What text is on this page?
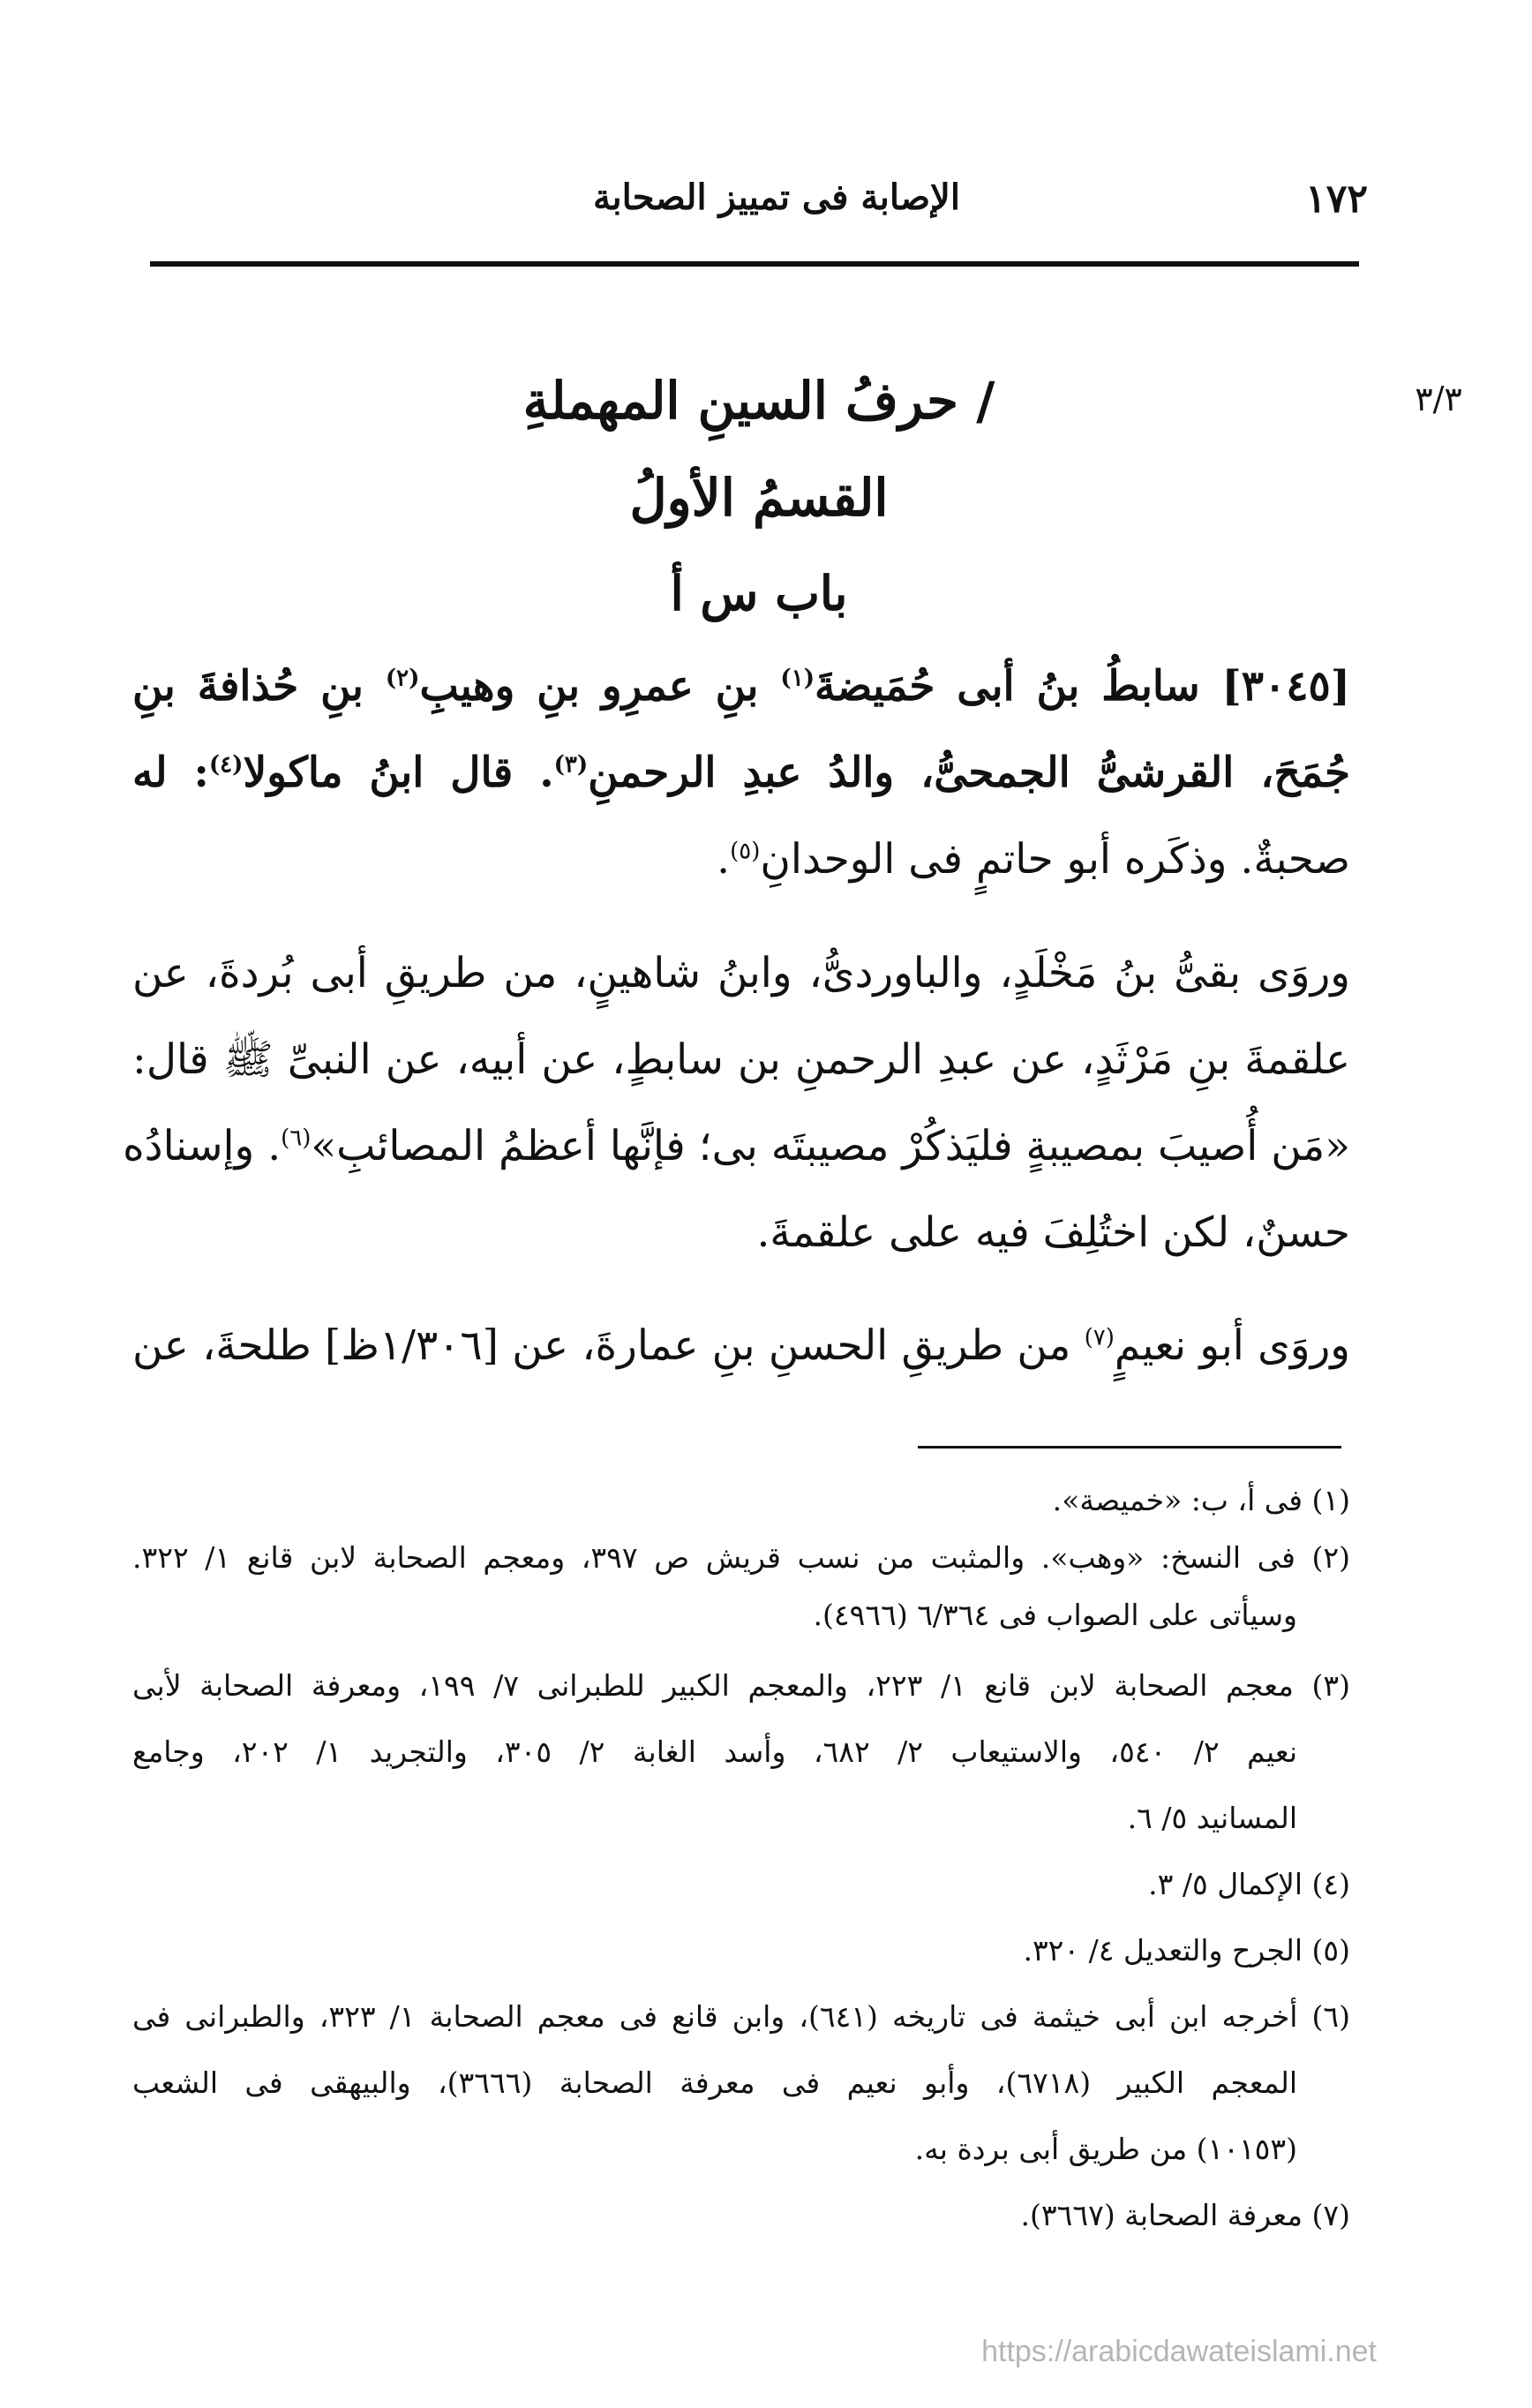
١٧٢
الإصابة فى تمييز الصحابة
٣/٣
/ حرفُ السينِ المهملةِ
القسمُ الأولُ
باب س أ
[٣٠٤٥] سابطُ بنُ أبى حُمَيضةَ$^{(١)}$ بنِ عمرِو بنِ وهيبِ$^{(٢)}$ بنِ حُذافةَ بنِ
جُمَحَ، القرشىُّ الجمحىُّ، والدُ عبدِ الرحمنِ$^{(٣)}$. قال ابنُ ماكولا$^{(٤)}$: له
صحبةٌ. وذكَره أبو حاتمٍ فى الوحدانِ$^{(٥)}$.
وروَى بقىُّ بنُ مَخْلَدٍ، والباوردىُّ، وابنُ شاهينٍ، من طريقِ أبى بُردةَ، عن
علقمةَ بنِ مَرْثَدٍ، عن عبدِ الرحمنِ بن سابطٍ، عن أبيه، عن النبىِّ ﷺ قال:
«مَن أُصيبَ بمصيبةٍ فليَذكُرْ مصيبتَه بى؛ فإنَّها أعظمُ المصائبِ»$^{(٦)}$. وإسنادُه
حسنٌ، لكن اختُلِفَ فيه على علقمةَ.
وروَى أبو نعيمٍ$^{(٧)}$ من طريقِ الحسنِ بنِ عمارةَ، عن [١/٣٠٦ظ] طلحةَ، عن
(١) فى أ، ب: «خميصة».
(٢) فى النسخ: «وهب». والمثبت من نسب قريش ص ٣٩٧، ومعجم الصحابة لابن قانع ١/ ٣٢٢.
وسيأتى على الصواب فى ٦/٣٦٤ (٤٩٦٦).
(٣) معجم الصحابة لابن قانع ١/ ٢٢٣، والمعجم الكبير للطبرانى ٧/ ١٩٩، ومعرفة الصحابة لأبى
نعيم ٢/ ٥٤٠، والاستيعاب ٢/ ٦٨٢، وأسد الغابة ٢/ ٣٠٥، والتجريد ١/ ٢٠٢، وجامع
المسانيد ٥/ ٦.
(٤) الإكمال ٥/ ٣.
(٥) الجرح والتعديل ٤/ ٣٢٠.
(٦) أخرجه ابن أبى خيثمة فى تاريخه (٦٤١)، وابن قانع فى معجم الصحابة ١/ ٣٢٣، والطبرانى فى
المعجم الكبير (٦٧١٨)، وأبو نعيم فى معرفة الصحابة (٣٦٦٦)، والبيهقى فى الشعب
(١٠١٥٣) من طريق أبى بردة به.
(٧) معرفة الصحابة (٣٦٦٧).
https://arabicdawateislami.net
